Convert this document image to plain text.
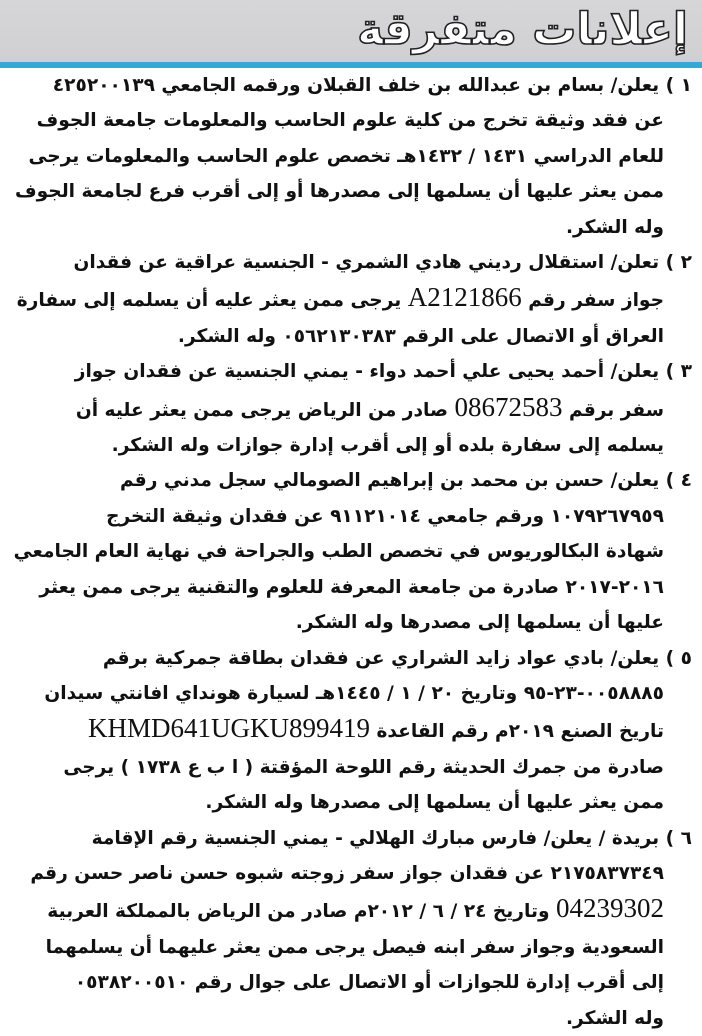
إعلانات متفرقة

١ ) يعلن/ بسام بن عبدالله بن خلف القبلان ورقمه الجامعي ٤٢٥٢٠٠١٣٩

عن فقد وثيقة تخرج من كلية علوم الحاسب والمعلومات جامعة الجوف

للعام الدراسي ١٤٣١ / ١٤٣٢هـ تخصص علوم الحاسب والمعلومات يرجى

ممن يعثر عليها أن يسلمها إلى مصدرها أو إلى أقرب فرع لجامعة الجوف

وله الشكر.

٢ ) تعلن/ استقلال رديني هادي الشمري - الجنسية عراقية عن فقدان

جواز سفر رقم A2121866 يرجى ممن يعثر عليه أن يسلمه إلى سفارة

العراق أو الاتصال على الرقم ٠٥٦٢١٣٠٣٨٣ وله الشكر.

٣ ) يعلن/ أحمد يحيى علي أحمد دواء - يمني الجنسية عن فقدان جواز

سفر برقم 08672583 صادر من الرياض يرجى ممن يعثر عليه أن

يسلمه إلى سفارة بلده أو إلى أقرب إدارة جوازات وله الشكر.

٤ ) يعلن/ حسن بن محمد بن إبراهيم الصومالي سجل مدني رقم

١٠٧٩٢٦٧٩٥٩ ورقم جامعي ٩١١٢١٠١٤ عن فقدان وثيقة التخرج

شهادة البكالوريوس في تخصص الطب والجراحة في نهاية العام الجامعي

٢٠١٦-٢٠١٧ صادرة من جامعة المعرفة للعلوم والتقنية يرجى ممن يعثر

عليها أن يسلمها إلى مصدرها وله الشكر.

٥ ) يعلن/ بادي عواد زايد الشراري عن فقدان بطاقة جمركية برقم

٠٠٥٨٨٨٥-٢٣-٩٥ وتاريخ ٢٠ / ١ / ١٤٤٥هـ لسيارة هونداي افانتي سيدان

تاريخ الصنع ٢٠١٩م رقم القاعدة KHMD641UGKU899419

صادرة من جمرك الحديثة رقم اللوحة المؤقتة ( ا ب ع ١٧٣٨ ) يرجى

ممن يعثر عليها أن يسلمها إلى مصدرها وله الشكر.

٦ ) بريدة / يعلن/ فارس مبارك الهلالي - يمني الجنسية رقم الإقامة

٢١٧٥٨٣٧٣٤٩ عن فقدان جواز سفر زوجته شبوه حسن ناصر حسن رقم

04239302 وتاريخ ٢٤ / ٦ / ٢٠١٢م صادر من الرياض بالمملكة العربية

السعودية وجواز سفر ابنه فيصل يرجى ممن يعثر عليهما أن يسلمهما

إلى أقرب إدارة للجوازات أو الاتصال على جوال رقم ٠٥٣٨٢٠٠٥١٠

وله الشكر.
